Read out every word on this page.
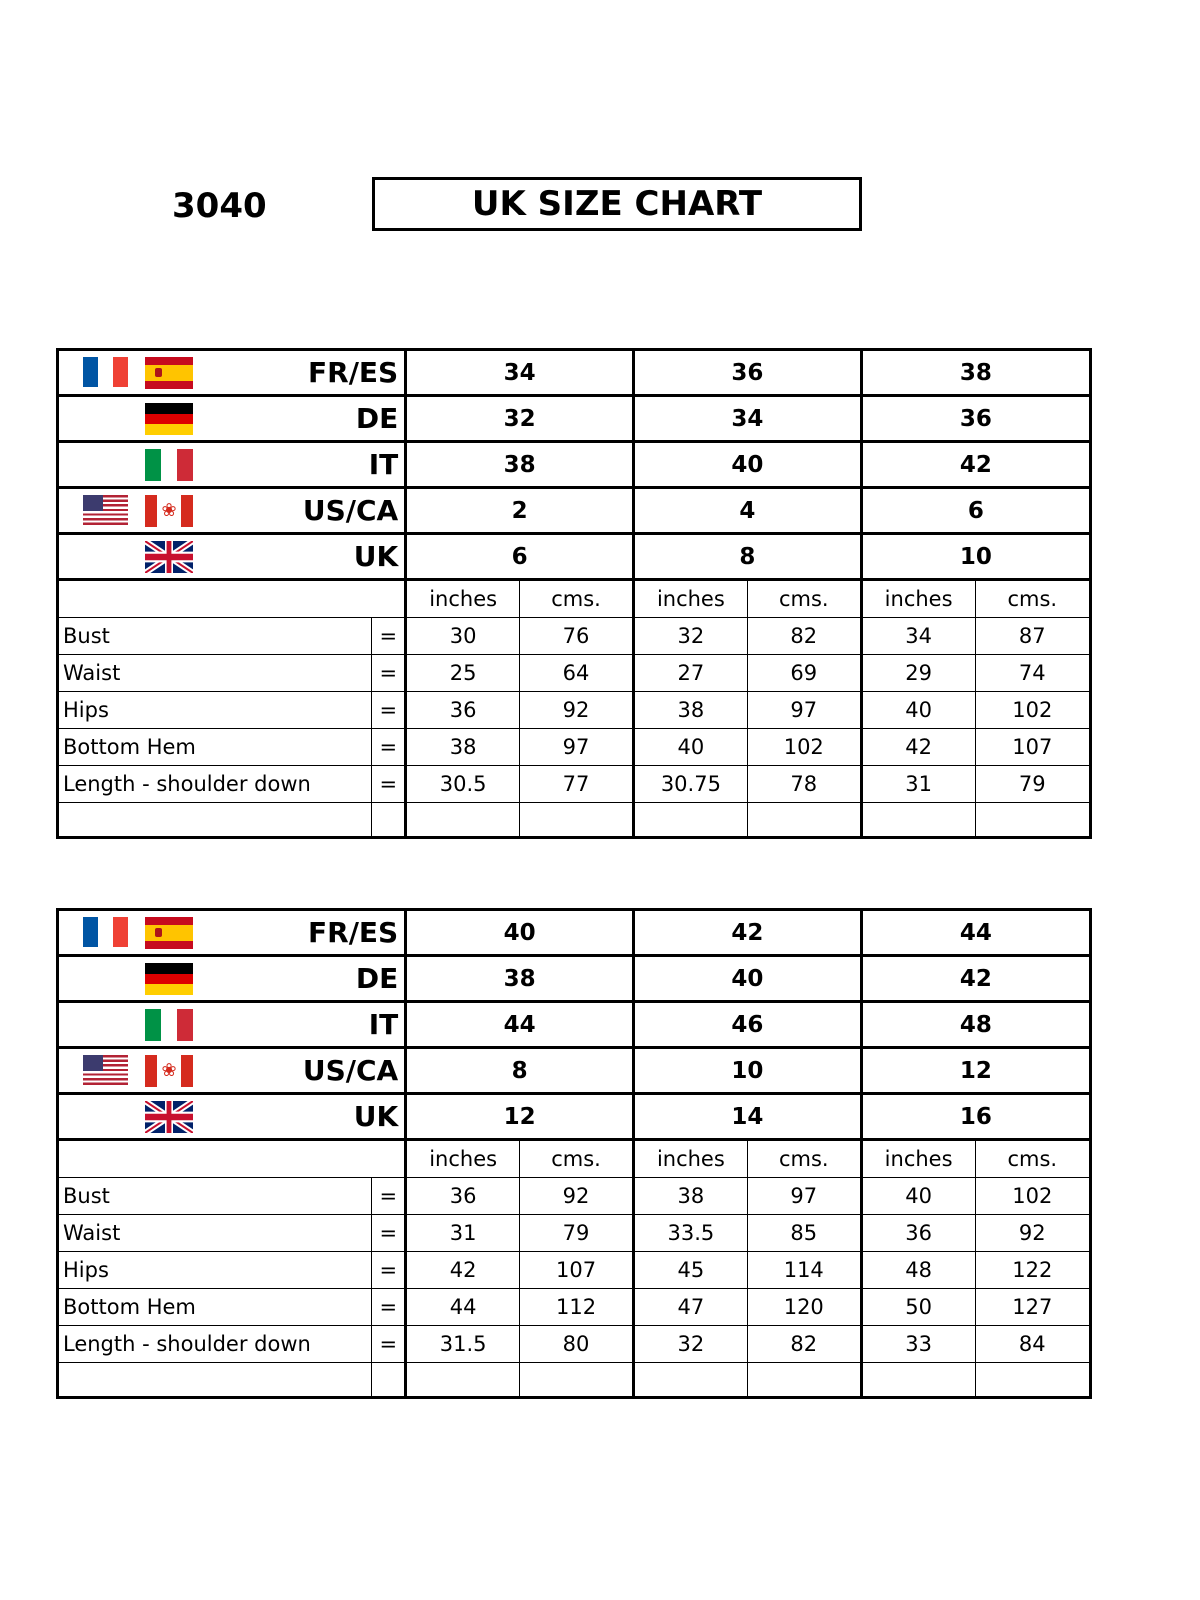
3040	UK SIZE CHART
FR/ES		34		36		38	

DE		32		34		36	

IT		38		40		42	

❀ US/CA		2		4		6	

UK		6		8		10	
		inches	cms.	inches	cms.	inches	cms.
Bust	=	30	76	32	82	34	87
Waist	=	25	64	27	69	29	74
Hips	=	36	92	38	97	40	102
Bottom Hem	=	38	97	40	102	42	107
Length - shoulder down	=	30.5	77	30.75	78	31	79

FR/ES		40		42		44	

DE		38		40		42	

IT		44		46		48	

❀ US/CA		8		10		12	

UK		12		14		16	
		inches	cms.	inches	cms.	inches	cms.
Bust	=	36	92	38	97	40	102
Waist	=	31	79	33.5	85	36	92
Hips	=	42	107	45	114	48	122
Bottom Hem	=	44	112	47	120	50	127
Length - shoulder down	=	31.5	80	32	82	33	84
